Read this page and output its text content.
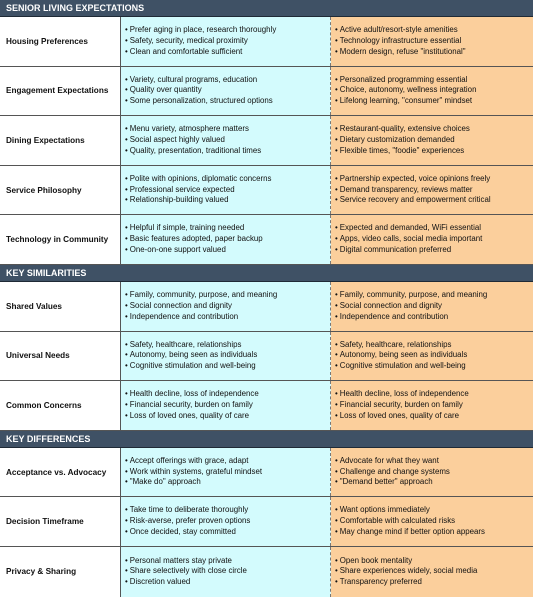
SENIOR LIVING EXPECTATIONS
Housing Preferences
• Prefer aging in place, research thoroughly
• Safety, security, medical proximity
• Clean and comfortable sufficient
• Active adult/resort-style amenities
• Technology infrastructure essential
• Modern design, refuse "institutional"
Engagement Expectations
• Variety, cultural programs, education
• Quality over quantity
• Some personalization, structured options
• Personalized programming essential
• Choice, autonomy, wellness integration
• Lifelong learning, "consumer" mindset
Dining Expectations
• Menu variety, atmosphere matters
• Social aspect highly valued
• Quality, presentation, traditional times
• Restaurant-quality, extensive choices
• Dietary customization demanded
• Flexible times, "foodie" experiences
Service Philosophy
• Polite with opinions, diplomatic concerns
• Professional service expected
• Relationship-building valued
• Partnership expected, voice opinions freely
• Demand transparency, reviews matter
• Service recovery and empowerment critical
Technology in Community
• Helpful if simple, training needed
• Basic features adopted, paper backup
• One-on-one support valued
• Expected and demanded, WiFi essential
• Apps, video calls, social media important
• Digital communication preferred
KEY SIMILARITIES
Shared Values
• Family, community, purpose, and meaning
• Social connection and dignity
• Independence and contribution
• Family, community, purpose, and meaning
• Social connection and dignity
• Independence and contribution
Universal Needs
• Safety, healthcare, relationships
• Autonomy, being seen as individuals
• Cognitive stimulation and well-being
• Safety, healthcare, relationships
• Autonomy, being seen as individuals
• Cognitive stimulation and well-being
Common Concerns
• Health decline, loss of independence
• Financial security, burden on family
• Loss of loved ones, quality of care
• Health decline, loss of independence
• Financial security, burden on family
• Loss of loved ones, quality of care
KEY DIFFERENCES
Acceptance vs. Advocacy
• Accept offerings with grace, adapt
• Work within systems, grateful mindset
• "Make do" approach
• Advocate for what they want
• Challenge and change systems
• "Demand better" approach
Decision Timeframe
• Take time to deliberate thoroughly
• Risk-averse, prefer proven options
• Once decided, stay committed
• Want options immediately
• Comfortable with calculated risks
• May change mind if better option appears
Privacy & Sharing
• Personal matters stay private
• Share selectively with close circle
• Discretion valued
• Open book mentality
• Share experiences widely, social media
• Transparency preferred
